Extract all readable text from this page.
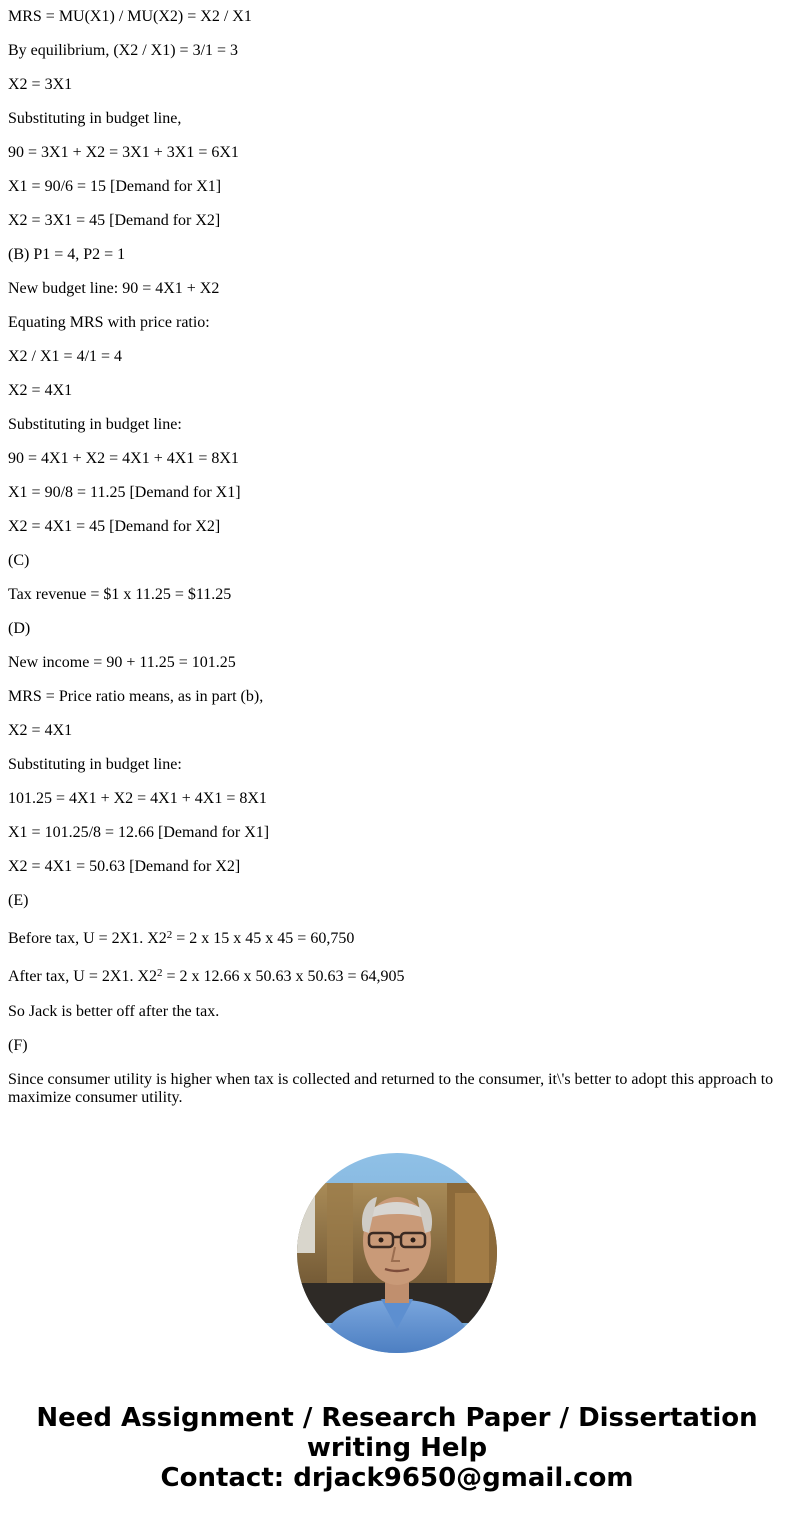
MRS = MU(X1) / MU(X2) = X2 / X1
By equilibrium, (X2 / X1) = 3/1 = 3
X2 = 3X1
Substituting in budget line,
90 = 3X1 + X2 = 3X1 + 3X1 = 6X1
X1 = 90/6 = 15 [Demand for X1]
X2 = 3X1 = 45 [Demand for X2]
(B) P1 = 4, P2 = 1
New budget line: 90 = 4X1 + X2
Equating MRS with price ratio:
X2 / X1 = 4/1 = 4
X2 = 4X1
Substituting in budget line:
90 = 4X1 + X2 = 4X1 + 4X1 = 8X1
X1 = 90/8 = 11.25 [Demand for X1]
X2 = 4X1 = 45 [Demand for X2]
(C)
Tax revenue = $1 x 11.25 = $11.25
(D)
New income = 90 + 11.25 = 101.25
MRS = Price ratio means, as in part (b),
X2 = 4X1
Substituting in budget line:
101.25 = 4X1 + X2 = 4X1 + 4X1 = 8X1
X1 = 101.25/8 = 12.66 [Demand for X1]
X2 = 4X1 = 50.63 [Demand for X2]
(E)
Before tax, U = 2X1. $X2^2 = 2$ x 15 x 45 x 45 = 60,750
After tax, U = 2X1. $X2^2 = 2$ x 12.66 x 50.63 x 50.63 = 64,905
So Jack is better off after the tax.
(F)
Since consumer utility is higher when tax is collected and returned to the consumer, it\'s better to adopt this approach to maximize consumer utility.
Need Assignment / Research Paper / Dissertation
writing Help
Contact: drjack9650@gmail.com
